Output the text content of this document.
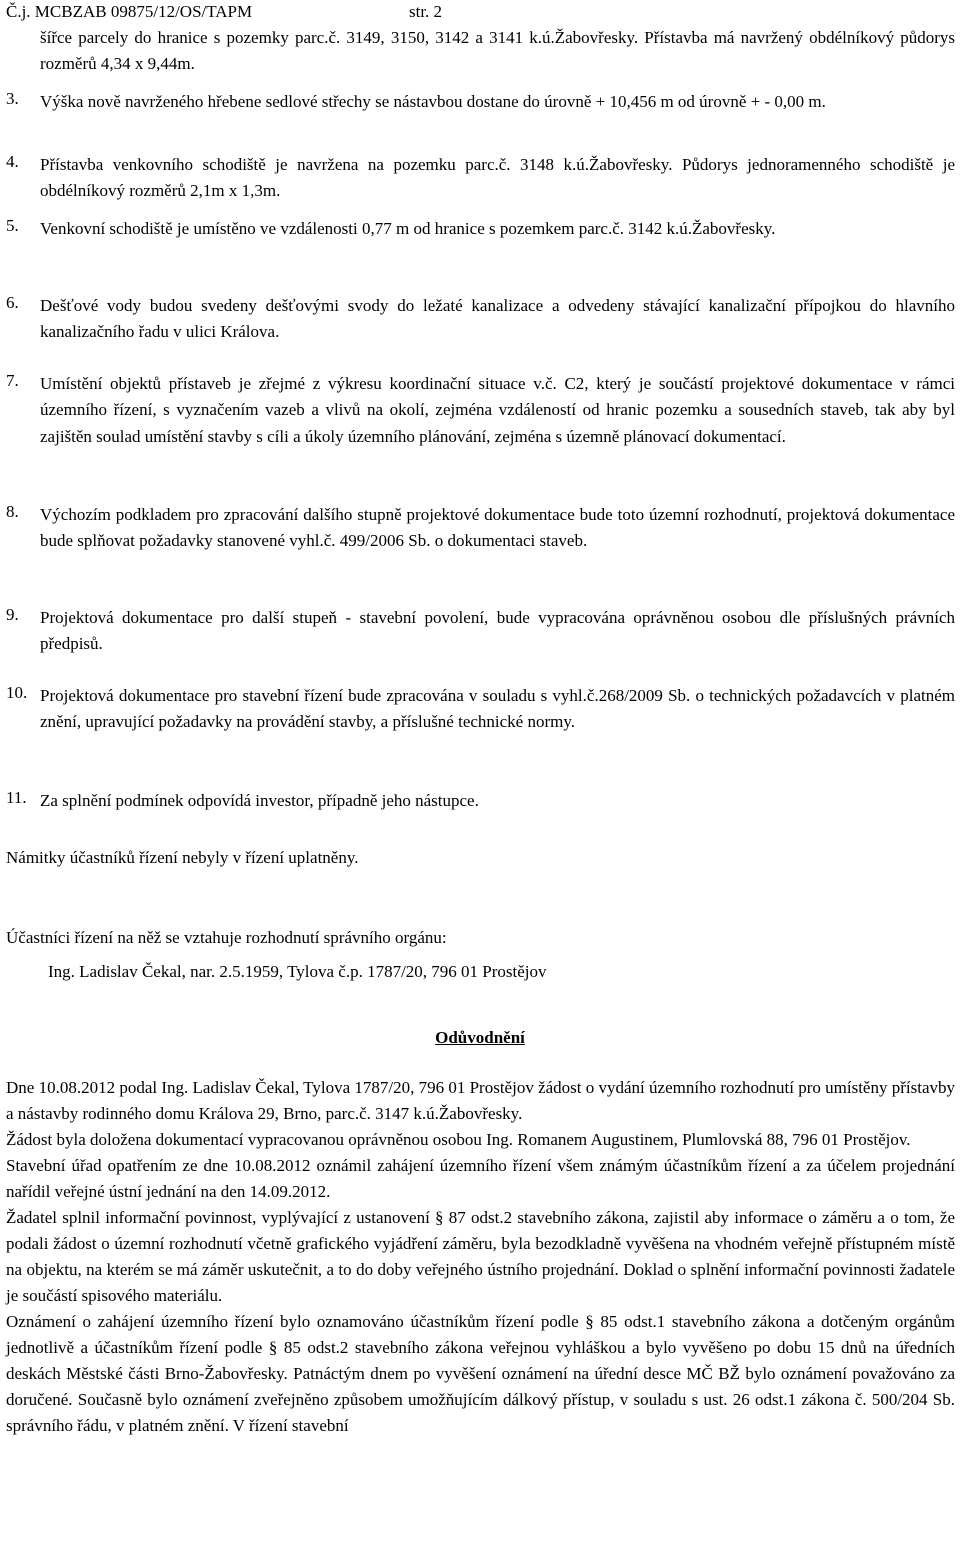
Č.j. MCBZAB 09875/12/OS/TAPM	str. 2
šířce parcely do hranice s pozemky parc.č. 3149, 3150, 3142 a 3141 k.ú.Žabovřesky. Přístavba má navržený obdélníkový půdorys rozměrů 4,34 x 9,44m.
3. Výška nově navrženého hřebene sedlové střechy se nástavbou dostane do úrovně + 10,456 m od úrovně + - 0,00 m.
4. Přístavba venkovního schodiště je navržena na pozemku parc.č. 3148 k.ú.Žabovřesky. Půdorys jednoramenného schodiště je obdélníkový rozměrů 2,1m x 1,3m.
5. Venkovní schodiště je umístěno ve vzdálenosti 0,77 m od hranice s pozemkem parc.č. 3142 k.ú.Žabovřesky.
6. Dešťové vody budou svedeny dešťovými svody do ležaté kanalizace a odvedeny stávající kanalizační přípojkou do hlavního kanalizačního řadu v ulici Králova.
7. Umístění objektů přístaveb je zřejmé z výkresu koordinační situace v.č. C2, který je součástí projektové dokumentace v rámci územního řízení, s vyznačením vazeb a vlivů na okolí, zejména vzdáleností od hranic pozemku a sousedních staveb, tak aby byl zajištěn soulad umístění stavby s cíli a úkoly územního plánování, zejména s územně plánovací dokumentací.
8. Výchozím podkladem pro zpracování dalšího stupně projektové dokumentace bude toto územní rozhodnutí, projektová dokumentace bude splňovat požadavky stanovené vyhl.č. 499/2006 Sb. o dokumentaci staveb.
9. Projektová dokumentace pro další stupeň - stavební povolení, bude vypracována oprávněnou osobou dle příslušných právních předpisů.
10. Projektová dokumentace pro stavební řízení bude zpracována v souladu s vyhl.č.268/2009 Sb. o technických požadavcích v platném znění, upravující požadavky na provádění stavby, a příslušné technické normy.
11. Za splnění podmínek odpovídá investor, případně jeho nástupce.
Námitky účastníků řízení nebyly v řízení uplatněny.
Účastníci řízení na něž se vztahuje rozhodnutí správního orgánu:
Ing. Ladislav Čekal, nar. 2.5.1959, Tylova č.p. 1787/20, 796 01 Prostějov
Odůvodnění
Dne 10.08.2012 podal Ing. Ladislav Čekal, Tylova 1787/20, 796 01 Prostějov žádost o vydání územního rozhodnutí pro umístěny přístavby a nástavby rodinného domu Králova 29, Brno, parc.č. 3147 k.ú.Žabovřesky.
Žádost byla doložena dokumentací vypracovanou oprávněnou osobou Ing. Romanem Augustinem, Plumlovská 88, 796 01 Prostějov.
Stavební úřad opatřením ze dne 10.08.2012 oznámil zahájení územního řízení všem známým účastníkům řízení a za účelem projednání nařídil veřejné ústní jednání na den 14.09.2012.
Žadatel splnil informační povinnost, vyplývající z ustanovení § 87 odst.2 stavebního zákona, zajistil aby informace o záměru a o tom, že podali žádost o územní rozhodnutí včetně grafického vyjádření záměru, byla bezodkladně vyvěšena na vhodném veřejně přístupném místě na objektu, na kterém se má záměr uskutečnit, a to do doby veřejného ústního projednání. Doklad o splnění informační povinnosti žadatele je součástí spisového materiálu.
Oznámení o zahájení územního řízení bylo oznamováno účastníkům řízení podle § 85 odst.1 stavebního zákona a dotčeným orgánům jednotlivě a účastníkům řízení podle § 85 odst.2 stavebního zákona veřejnou vyhláškou a bylo vyvěšeno po dobu 15 dnů na úředních deskách Městské části Brno-Žabovřesky. Patnáctým dnem po vyvěšení oznámení na úřední desce MČ BŽ bylo oznámení považováno za doručené. Současně bylo oznámení zveřejněno způsobem umožňujícím dálkový přístup, v souladu s ust. 26 odst.1 zákona č. 500/204 Sb. správního řádu, v platném znění. V řízení stavební
